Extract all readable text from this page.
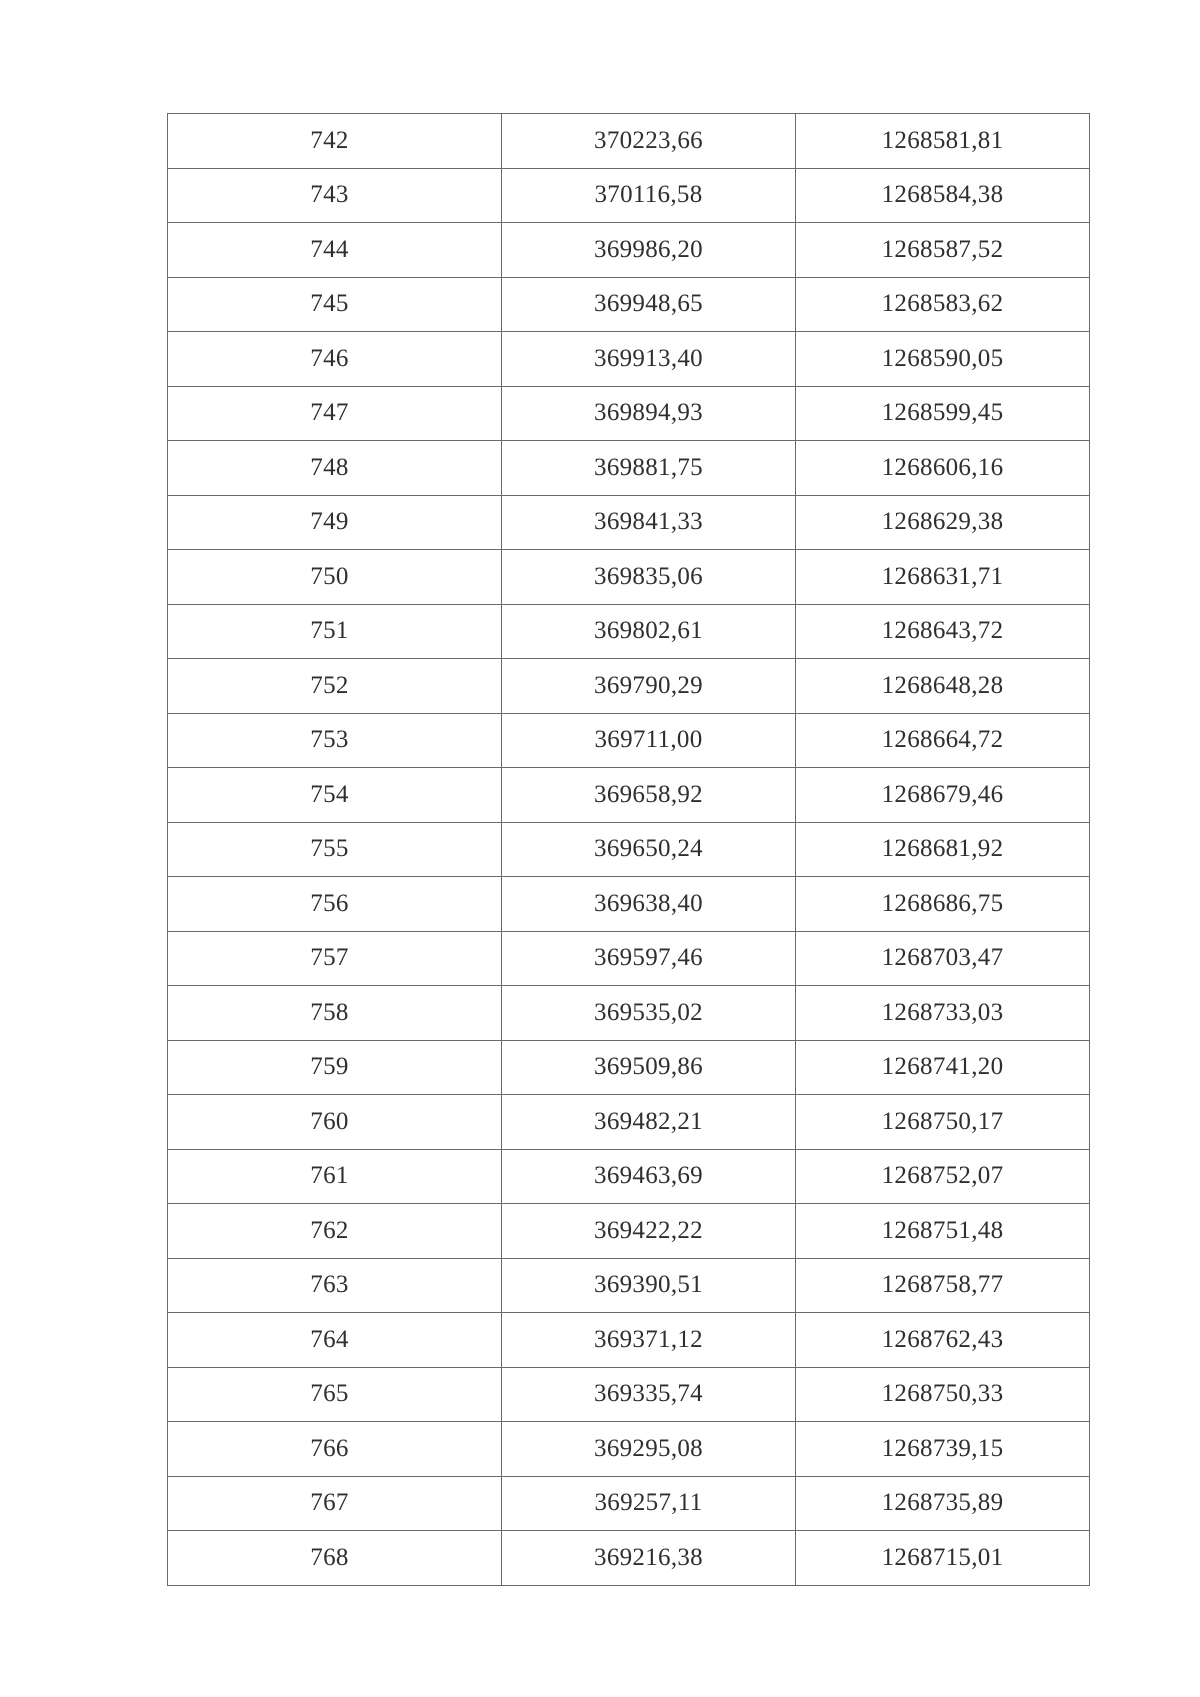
742	370223,66	1268581,81
743	370116,58	1268584,38
744	369986,20	1268587,52
745	369948,65	1268583,62
746	369913,40	1268590,05
747	369894,93	1268599,45
748	369881,75	1268606,16
749	369841,33	1268629,38
750	369835,06	1268631,71
751	369802,61	1268643,72
752	369790,29	1268648,28
753	369711,00	1268664,72
754	369658,92	1268679,46
755	369650,24	1268681,92
756	369638,40	1268686,75
757	369597,46	1268703,47
758	369535,02	1268733,03
759	369509,86	1268741,20
760	369482,21	1268750,17
761	369463,69	1268752,07
762	369422,22	1268751,48
763	369390,51	1268758,77
764	369371,12	1268762,43
765	369335,74	1268750,33
766	369295,08	1268739,15
767	369257,11	1268735,89
768	369216,38	1268715,01
